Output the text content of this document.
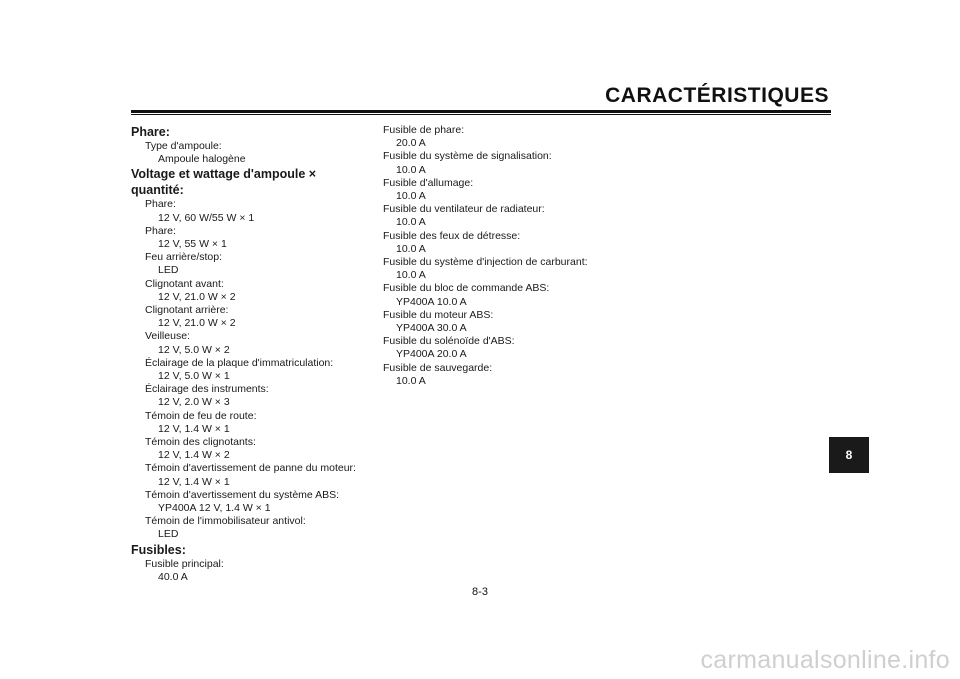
CARACTÉRISTIQUES
Phare:
Type d'ampoule:
Ampoule halogène
Voltage et wattage d'ampoule × quantité:
Phare:
12 V, 60 W/55 W × 1
Phare:
12 V, 55 W × 1
Feu arrière/stop:
LED
Clignotant avant:
12 V, 21.0 W × 2
Clignotant arrière:
12 V, 21.0 W × 2
Veilleuse:
12 V, 5.0 W × 2
Éclairage de la plaque d'immatriculation:
12 V, 5.0 W × 1
Éclairage des instruments:
12 V, 2.0 W × 3
Témoin de feu de route:
12 V, 1.4 W × 1
Témoin des clignotants:
12 V, 1.4 W × 2
Témoin d'avertissement de panne du moteur:
12 V, 1.4 W × 1
Témoin d'avertissement du système ABS:
YP400A 12 V, 1.4 W × 1
Témoin de l'immobilisateur antivol:
LED
Fusibles:
Fusible principal:
40.0 A
Fusible de phare:
20.0 A
Fusible du système de signalisation:
10.0 A
Fusible d'allumage:
10.0 A
Fusible du ventilateur de radiateur:
10.0 A
Fusible des feux de détresse:
10.0 A
Fusible du système d'injection de carburant:
10.0 A
Fusible du bloc de commande ABS:
YP400A 10.0 A
Fusible du moteur ABS:
YP400A 30.0 A
Fusible du solénoïde d'ABS:
YP400A 20.0 A
Fusible de sauvegarde:
10.0 A
8-3
8
carmanualsonline.info
